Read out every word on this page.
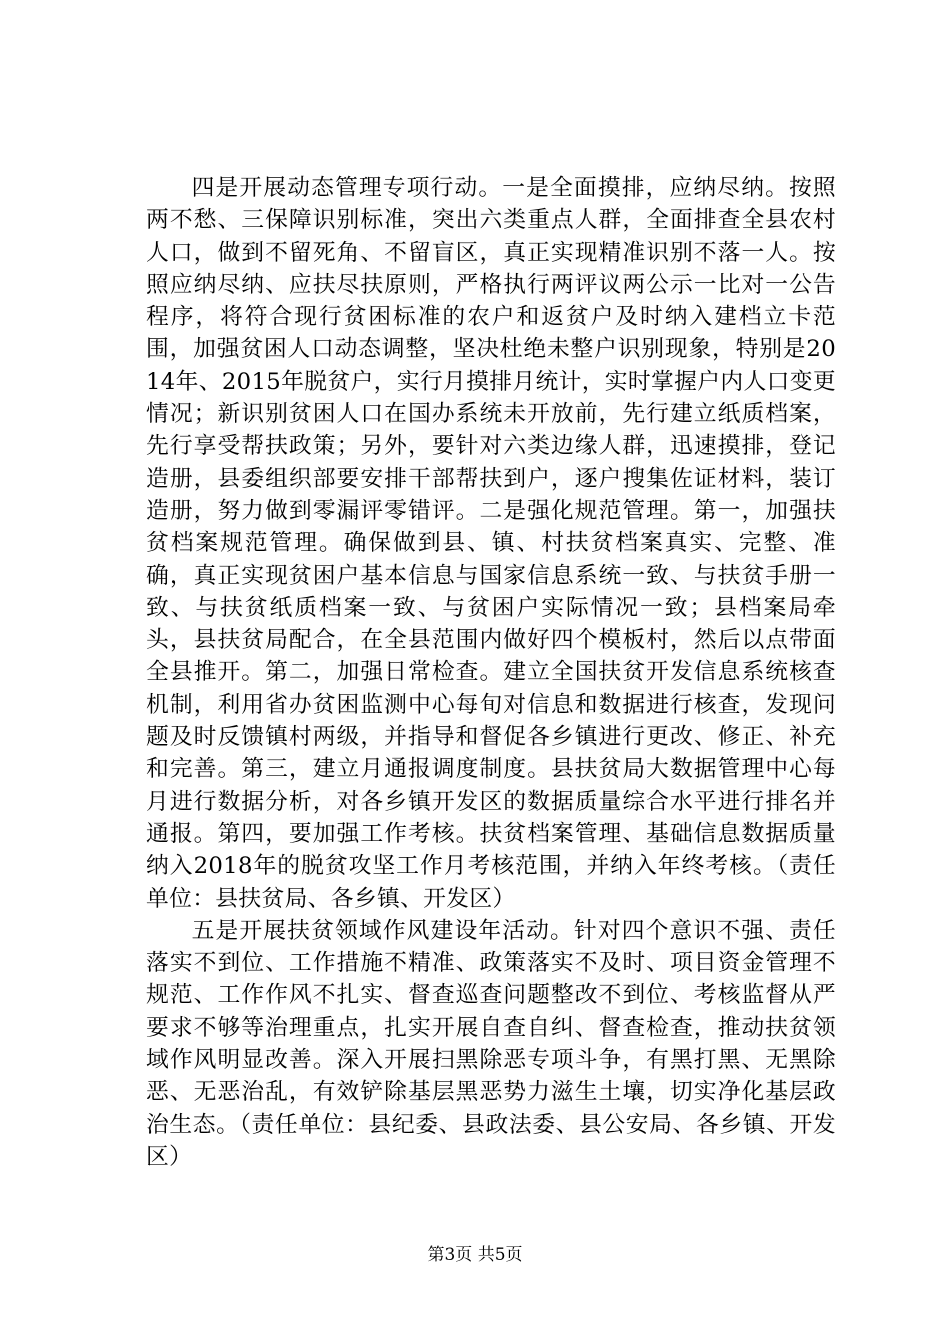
四是开展动态管理专项行动。一是全面摸排，应纳尽纳。按照两不愁、三保障识别标准，突出六类重点人群，全面排查全县农村人口，做到不留死角、不留盲区，真正实现精准识别不落一人。按照应纳尽纳、应扶尽扶原则，严格执行两评议两公示一比对一公告程序，将符合现行贫困标准的农户和返贫户及时纳入建档立卡范围，加强贫困人口动态调整，坚决杜绝未整户识别现象，特别是2014年、2015年脱贫户，实行月摸排月统计，实时掌握户内人口变更情况；新识别贫困人口在国办系统未开放前，先行建立纸质档案，先行享受帮扶政策；另外，要针对六类边缘人群，迅速摸排，登记造册，县委组织部要安排干部帮扶到户，逐户搜集佐证材料，装订造册，努力做到零漏评零错评。二是强化规范管理。第一，加强扶贫档案规范管理。确保做到县、镇、村扶贫档案真实、完整、准确，真正实现贫困户基本信息与国家信息系统一致、与扶贫手册一致、与扶贫纸质档案一致、与贫困户实际情况一致；县档案局牵头，县扶贫局配合，在全县范围内做好四个模板村，然后以点带面全县推开。第二，加强日常检查。建立全国扶贫开发信息系统核查机制，利用省办贫困监测中心每旬对信息和数据进行核查，发现问题及时反馈镇村两级，并指导和督促各乡镇进行更改、修正、补充和完善。第三，建立月通报调度制度。县扶贫局大数据管理中心每月进行数据分析，对各乡镇开发区的数据质量综合水平进行排名并通报。第四，要加强工作考核。扶贫档案管理、基础信息数据质量纳入2018年的脱贫攻坚工作月考核范围，并纳入年终考核。（责任单位：县扶贫局、各乡镇、开发区）

五是开展扶贫领域作风建设年活动。针对四个意识不强、责任落实不到位、工作措施不精准、政策落实不及时、项目资金管理不规范、工作作风不扎实、督查巡查问题整改不到位、考核监督从严要求不够等治理重点，扎实开展自查自纠、督查检查，推动扶贫领域作风明显改善。深入开展扫黑除恶专项斗争，有黑打黑、无黑除恶、无恶治乱，有效铲除基层黑恶势力滋生土壤，切实净化基层政治生态。（责任单位：县纪委、县政法委、县公安局、各乡镇、开发区）

第3页 共5页
